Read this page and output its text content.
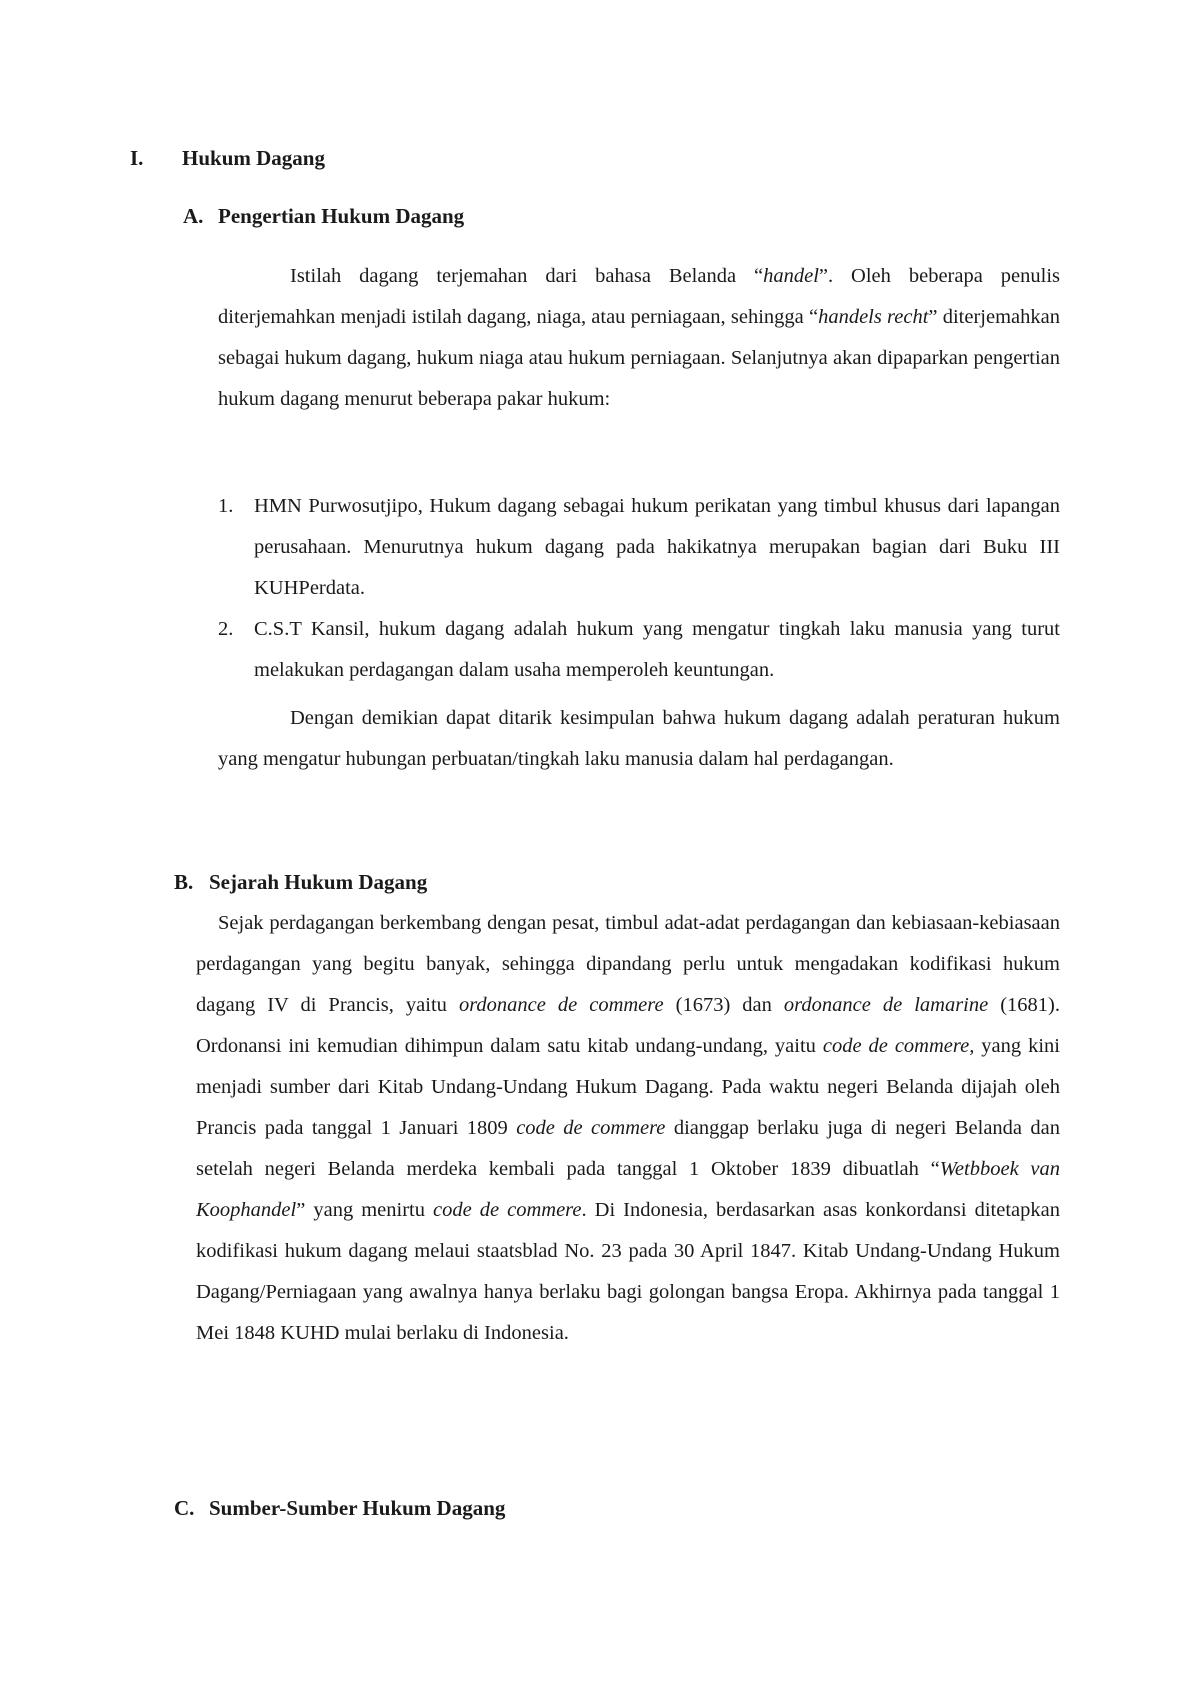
I. Hukum Dagang
A. Pengertian Hukum Dagang

Istilah dagang terjemahan dari bahasa Belanda “handel”. Oleh beberapa penulis diterjemahkan menjadi istilah dagang, niaga, atau perniagaan, sehingga “handels recht” diterjemahkan sebagai hukum dagang, hukum niaga atau hukum perniagaan. Selanjutnya akan dipaparkan pengertian hukum dagang menurut beberapa pakar hukum:

1. HMN Purwosutjipo, Hukum dagang sebagai hukum perikatan yang timbul khusus dari lapangan perusahaan. Menurutnya hukum dagang pada hakikatnya merupakan bagian dari Buku III KUHPerdata.
2. C.S.T Kansil, hukum dagang adalah hukum yang mengatur tingkah laku manusia yang turut melakukan perdagangan dalam usaha memperoleh keuntungan.

Dengan demikian dapat ditarik kesimpulan bahwa hukum dagang adalah peraturan hukum yang mengatur hubungan perbuatan/tingkah laku manusia dalam hal perdagangan.

B. Sejarah Hukum Dagang

Sejak perdagangan berkembang dengan pesat, timbul adat-adat perdagangan dan kebiasaan-kebiasaan perdagangan yang begitu banyak, sehingga dipandang perlu untuk mengadakan kodifikasi hukum dagang IV di Prancis, yaitu ordonance de commere (1673) dan ordonance de lamarine (1681). Ordonansi ini kemudian dihimpun dalam satu kitab undang-undang, yaitu code de commere, yang kini menjadi sumber dari Kitab Undang-Undang Hukum Dagang. Pada waktu negeri Belanda dijajah oleh Prancis pada tanggal 1 Januari 1809 code de commere dianggap berlaku juga di negeri Belanda dan setelah negeri Belanda merdeka kembali pada tanggal 1 Oktober 1839 dibuatlah “Wetbboek van Koophandel” yang menirtu code de commere. Di Indonesia, berdasarkan asas konkordansi ditetapkan kodifikasi hukum dagang melaui staatsblad No. 23 pada 30 April 1847. Kitab Undang-Undang Hukum Dagang/Perniagaan yang awalnya hanya berlaku bagi golongan bangsa Eropa. Akhirnya pada tanggal 1 Mei 1848 KUHD mulai berlaku di Indonesia.

C. Sumber-Sumber Hukum Dagang
